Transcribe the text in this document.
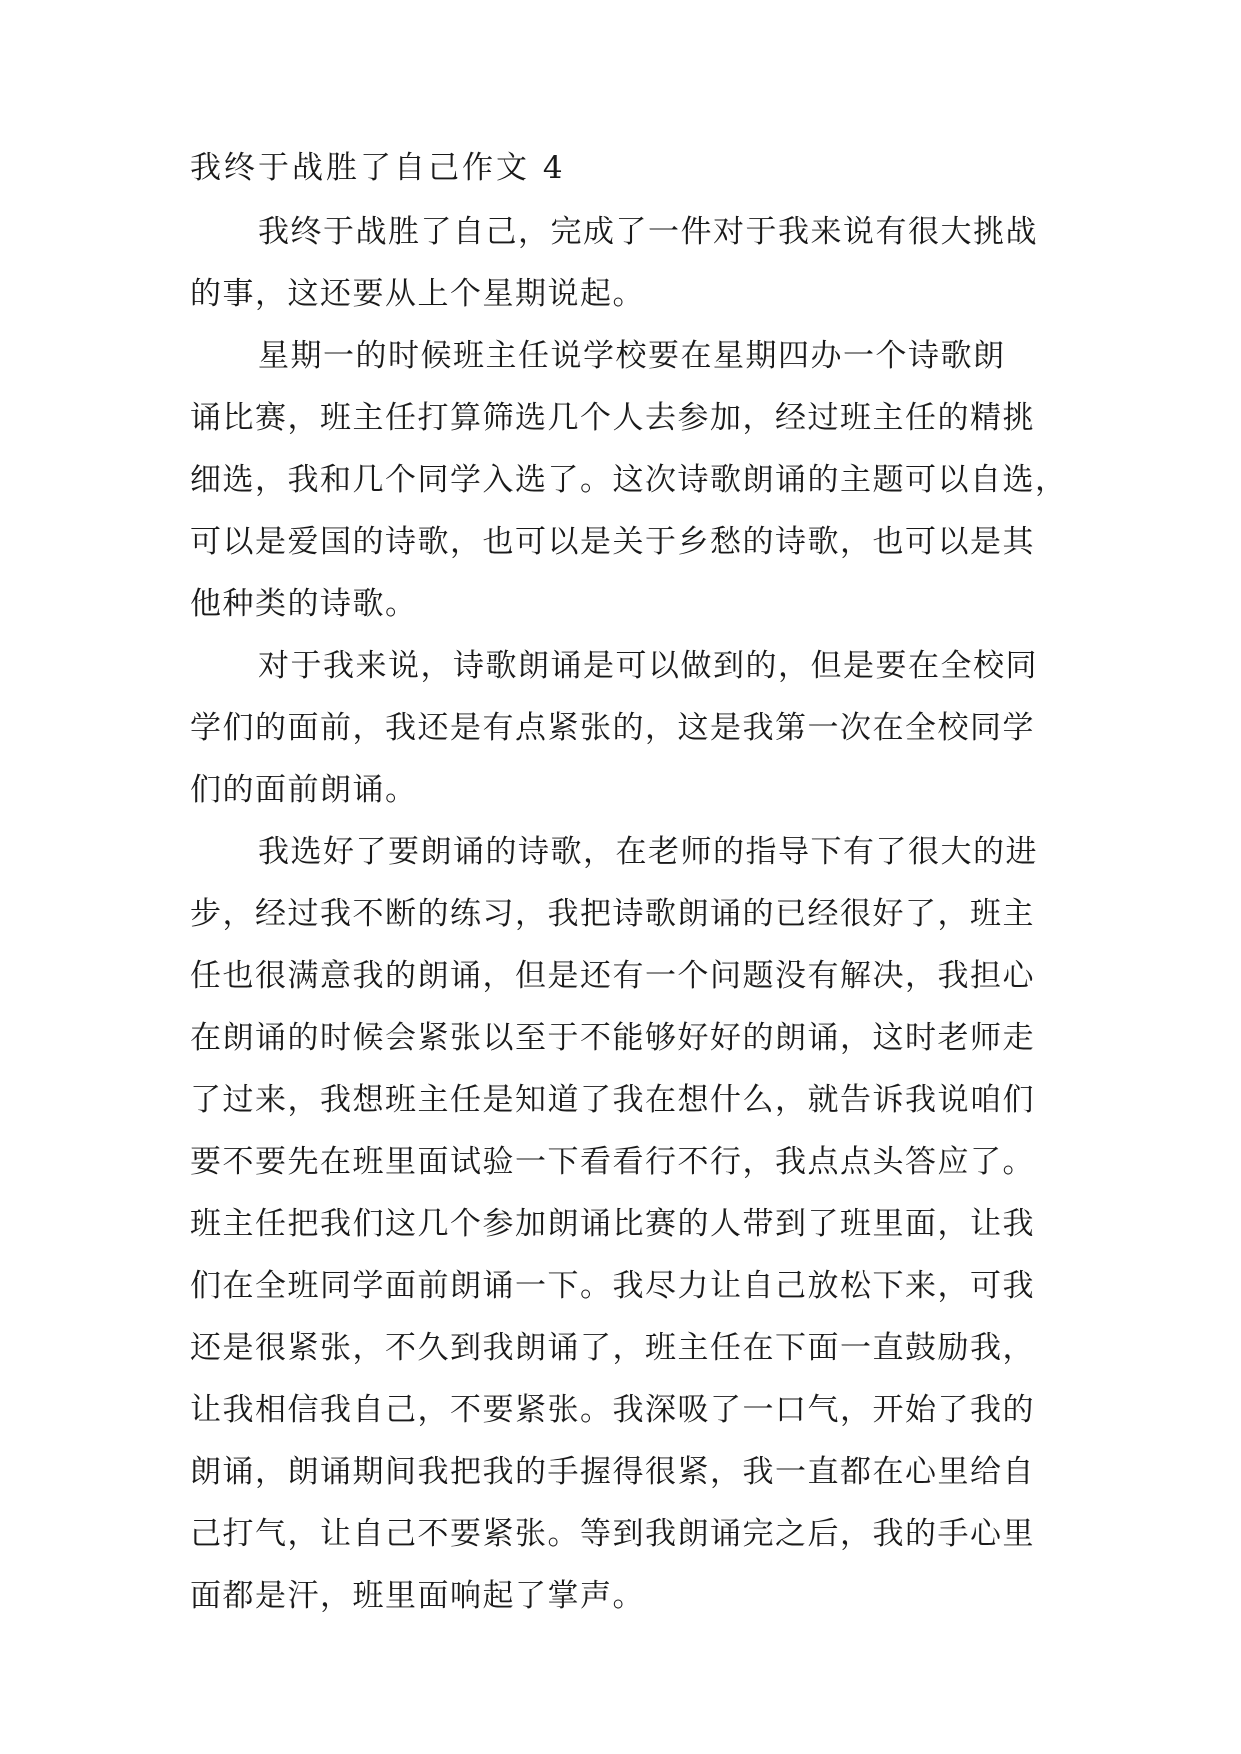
我终于战胜了自己作文 4
我终于战胜了自己，完成了一件对于我来说有很大挑战
的事，这还要从上个星期说起。
星期一的时候班主任说学校要在星期四办一个诗歌朗
诵比赛，班主任打算筛选几个人去参加，经过班主任的精挑
细选，我和几个同学入选了。这次诗歌朗诵的主题可以自选，
可以是爱国的诗歌，也可以是关于乡愁的诗歌，也可以是其
他种类的诗歌。
对于我来说，诗歌朗诵是可以做到的，但是要在全校同
学们的面前，我还是有点紧张的，这是我第一次在全校同学
们的面前朗诵。
我选好了要朗诵的诗歌，在老师的指导下有了很大的进
步，经过我不断的练习，我把诗歌朗诵的已经很好了，班主
任也很满意我的朗诵，但是还有一个问题没有解决，我担心
在朗诵的时候会紧张以至于不能够好好的朗诵，这时老师走
了过来，我想班主任是知道了我在想什么，就告诉我说咱们
要不要先在班里面试验一下看看行不行，我点点头答应了。
班主任把我们这几个参加朗诵比赛的人带到了班里面，让我
们在全班同学面前朗诵一下。我尽力让自己放松下来，可我
还是很紧张，不久到我朗诵了，班主任在下面一直鼓励我，
让我相信我自己，不要紧张。我深吸了一口气，开始了我的
朗诵，朗诵期间我把我的手握得很紧，我一直都在心里给自
己打气，让自己不要紧张。等到我朗诵完之后，我的手心里
面都是汗，班里面响起了掌声。
